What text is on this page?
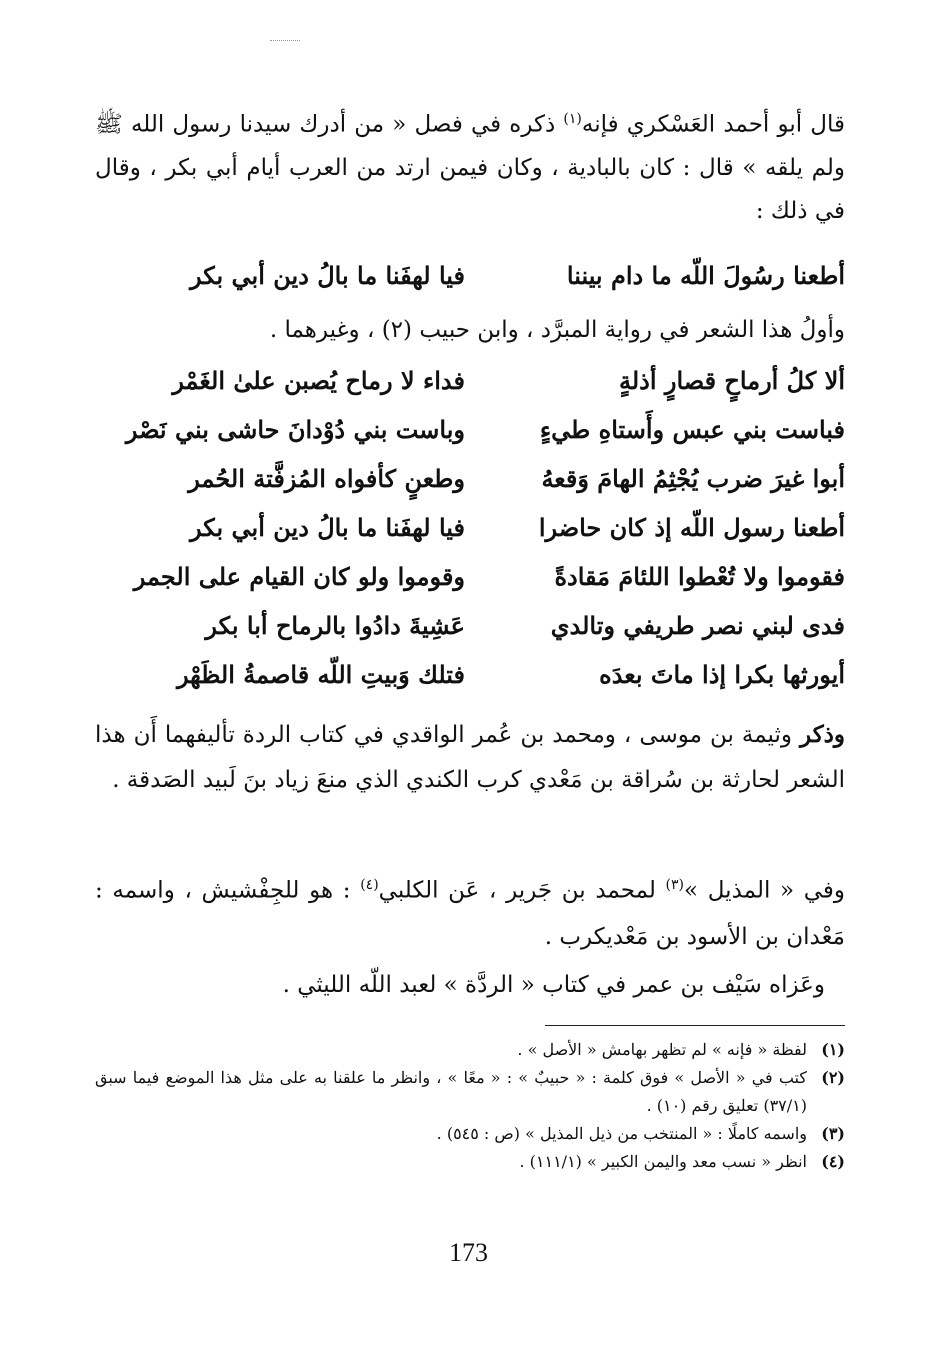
قال أبو أحمد العَسْكري فإنه$^{(١)}$ ذكره في فصل « من أدرك سيدنا رسول الله ﷺ ولم يلقه » قال : كان بالبادية ، وكان فيمن ارتد من العرب أيام أبي بكر ، وقال في ذلك :

أطعنا رسُولَ اللّه ما دام بيننا
فيا لهفَنا ما بالُ دين أبي بكر
وأولُ هذا الشعر في رواية المبرَّد ، وابن حبيب (٢) ، وغيرهما .
ألا كلُ أرماحٍ قصارٍ أذلةٍ
فداء لا رماح يُصبن علىٰ الغَمْر
فباست بني عبس وأَستاهِ طيءٍ
وباست بني دُوْدانَ حاشى بني نَصْر
أبوا غيرَ ضرب يُجْثِمُ الهامَ وَقعهُ
وطعنٍ كأفواه المُزفَّتة الحُمر
أطعنا رسول اللّه إذ كان حاضرا
فيا لهفَنا ما بالُ دين أبي بكر
فقوموا ولا تُعْطوا اللئامَ مَقادةً
وقوموا ولو كان القيام على الجمر
فدى لبني نصر طريفي وتالدي
عَشِيةَ دادُوا بالرماح أبا بكر
أيورثها بكرا إذا ماتَ بعدَه
فتلك وَبيتِ اللّه قاصمةُ الظَهْر
وذكر وثيمة بن موسى ، ومحمد بن عُمر الواقدي في كتاب الردة تأليفهما أَن هذا الشعر لحارثة بن سُراقة بن مَعْدي كرب الكندي الذي منعَ زياد بنَ لَبيد الصَدقة .
وفي « المذيل »$^{(٣)}$ لمحمد بن جَرير ، عَن الكلبي$^{(٤)}$ : هو للجِفْشيش ، واسمه : مَعْدان بن الأسود بن مَعْديكرب .
وعَزاه سَيْف بن عمر في كتاب « الردَّة » لعبد اللّه الليثي .
(١)
لفظة « فإنه » لم تظهر بهامش « الأصل » .
(٢)
كتب في « الأصل » فوق كلمة : « حبيبٌ » : « معًا » ، وانظر ما علقنا به على مثل هذا الموضع فيما سبق (٣٧/١) تعليق رقم (١٠) .
(٣)
واسمه كاملًا : « المنتخب من ذيل المذيل » (ص : ٥٤٥) .
(٤)
انظر « نسب معد واليمن الكبير » (١١١/١) .
173
